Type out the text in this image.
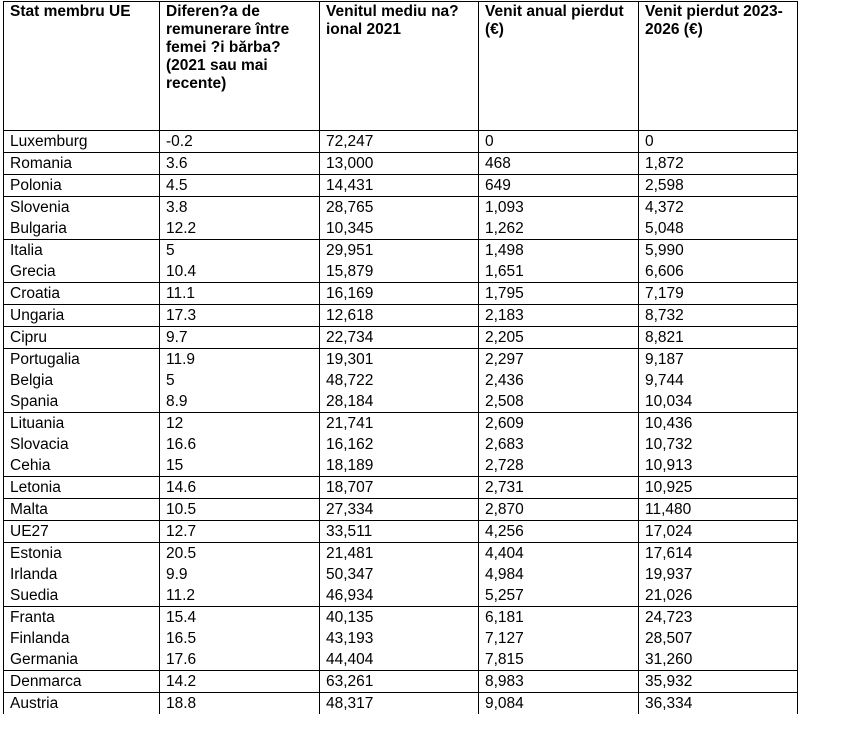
Stat membru UE	Diferen?a de remunerare între femei ?i bărba? (2021 sau mai recente)	Venitul mediu na?ional 2021	Venit anual pierdut (€)	Venit pierdut 2023-2026 (€)
Luxemburg	-0.2	72,247	0	0
Romania	3.6	13,000	468	1,872
Polonia	4.5	14,431	649	2,598
Slovenia	3.8	28,765	1,093	4,372
Bulgaria	12.2	10,345	1,262	5,048
Italia	5	29,951	1,498	5,990
Grecia	10.4	15,879	1,651	6,606
Croatia	11.1	16,169	1,795	7,179
Ungaria	17.3	12,618	2,183	8,732
Cipru	9.7	22,734	2,205	8,821
Portugalia	11.9	19,301	2,297	9,187
Belgia	5	48,722	2,436	9,744
Spania	8.9	28,184	2,508	10,034
Lituania	12	21,741	2,609	10,436
Slovacia	16.6	16,162	2,683	10,732
Cehia	15	18,189	2,728	10,913
Letonia	14.6	18,707	2,731	10,925
Malta	10.5	27,334	2,870	11,480
UE27	12.7	33,511	4,256	17,024
Estonia	20.5	21,481	4,404	17,614
Irlanda	9.9	50,347	4,984	19,937
Suedia	11.2	46,934	5,257	21,026
Franta	15.4	40,135	6,181	24,723
Finlanda	16.5	43,193	7,127	28,507
Germania	17.6	44,404	7,815	31,260
Denmarca	14.2	63,261	8,983	35,932
Austria	18.8	48,317	9,084	36,334
